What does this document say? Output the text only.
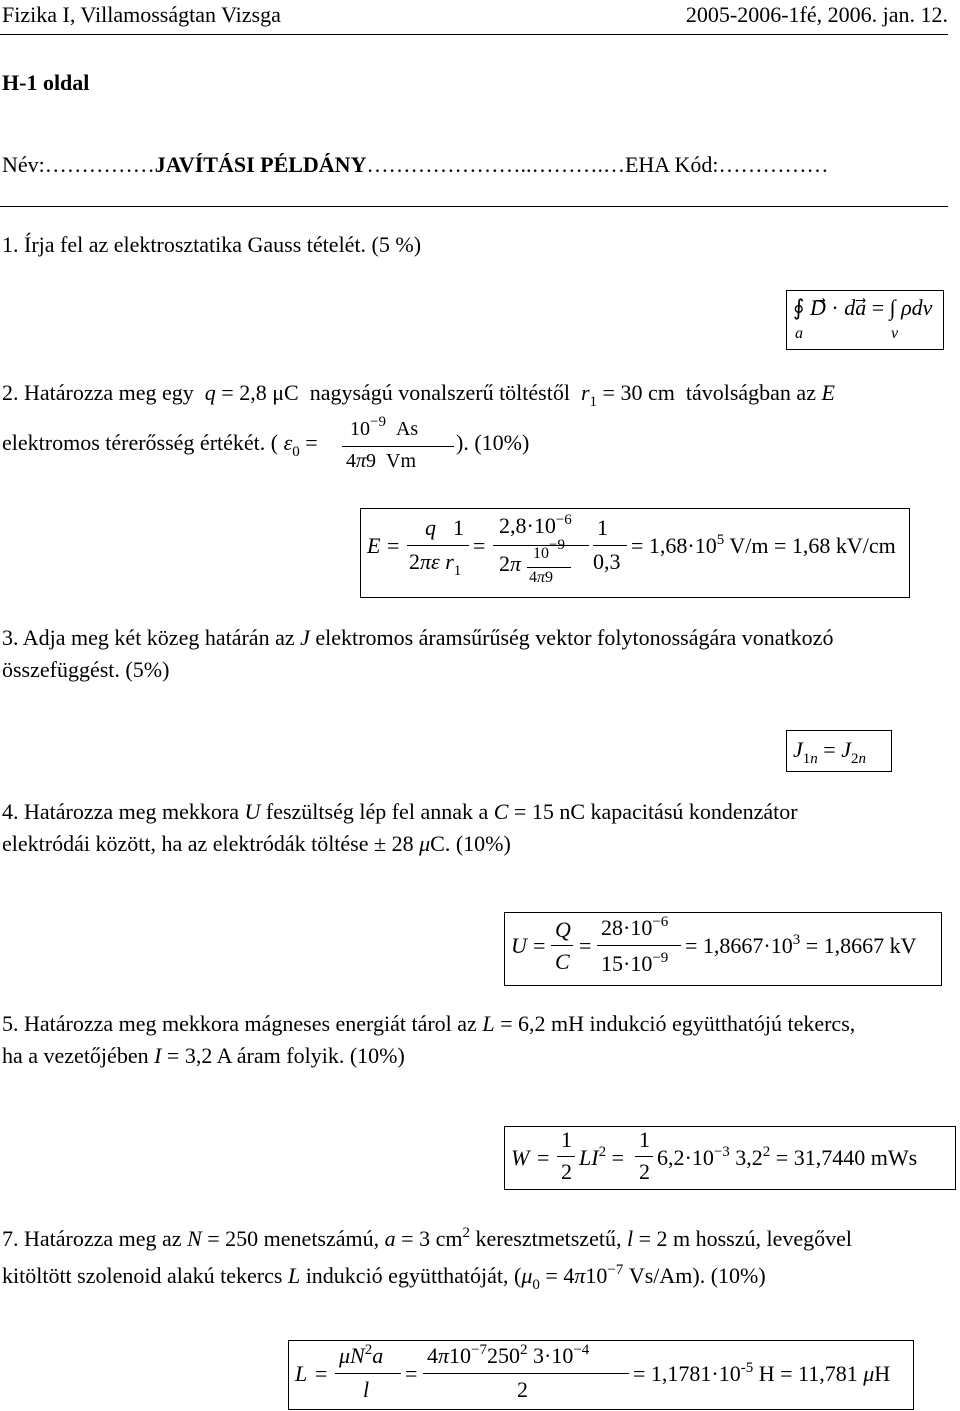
Fizika I, Villamosságtan Vizsga	2005-2006-1fé, 2006. jan. 12.
H-1 oldal
Név:……………JAVÍTÁSI PÉLDÁNY…………………..……….…EHA Kód:……………
1. Írja fel az elektrosztatika Gauss tételét. (5 %)
∮ D⃗ · da⃗ = ∫ ρdv
a	v
2. Határozza meg egy q = 2,8 μC nagyságú vonalszerű töltéstől $r_1 = 30$ cm távolságban az E
elektromos térerősség értékét. ( $\varepsilon_0$ =
$10^{-9}$  As
4π9  Vm
). (10%)
E =
q
2πε $r_1$
1
=
$2,8\cdot 10^{-6}$
2π 10−9
4π9
1
0,3
= $1,68\cdot 10^5$ V/m = 1,68 kV/cm
3. Adja meg két közeg határán az J elektromos áramsűrűség vektor folytonosságára vonatkozó
összefüggést. (5%)
$J_{1n} = J_{2n}$
4. Határozza meg mekkora U feszültség lép fel annak a C = 15 nC kapacitású kondenzátor
elektródái között, ha az elektródák töltése ± 28 μC. (10%)
U =
Q
C
=
$28\cdot 10^{-6}$
$15\cdot 10^{-9} = 1,8667\cdot 10^3 = 1,8667$ kV
5. Határozza meg mekkora mágneses energiát tárol az L = 6,2 mH indukció együtthatójú tekercs,
ha a vezetőjében I = 3,2 A áram folyik. (10%)
W =
1
2
$LI^2$ =
1
2
$6,2\cdot 10^{-3}$ $3,2^2 = 31,7440$ mWs
7. Határozza meg az N = 250 menetszámú, a = 3 $cm^2$ keresztmetszetű, l = 2 m hosszú, levegővel
kitöltött szolenoid alakú tekercs L indukció együtthatóját, ($\mu_0 = 4\pi 10^{-7}$ Vs/Am). (10%)
L =
$\mu N^2a$
l
=
$4\pi 10^{-7}250^2$ $3\cdot 10^{-4}$
2
= $1,1781\cdot 10^{-5}$ H = 11,781 μH
